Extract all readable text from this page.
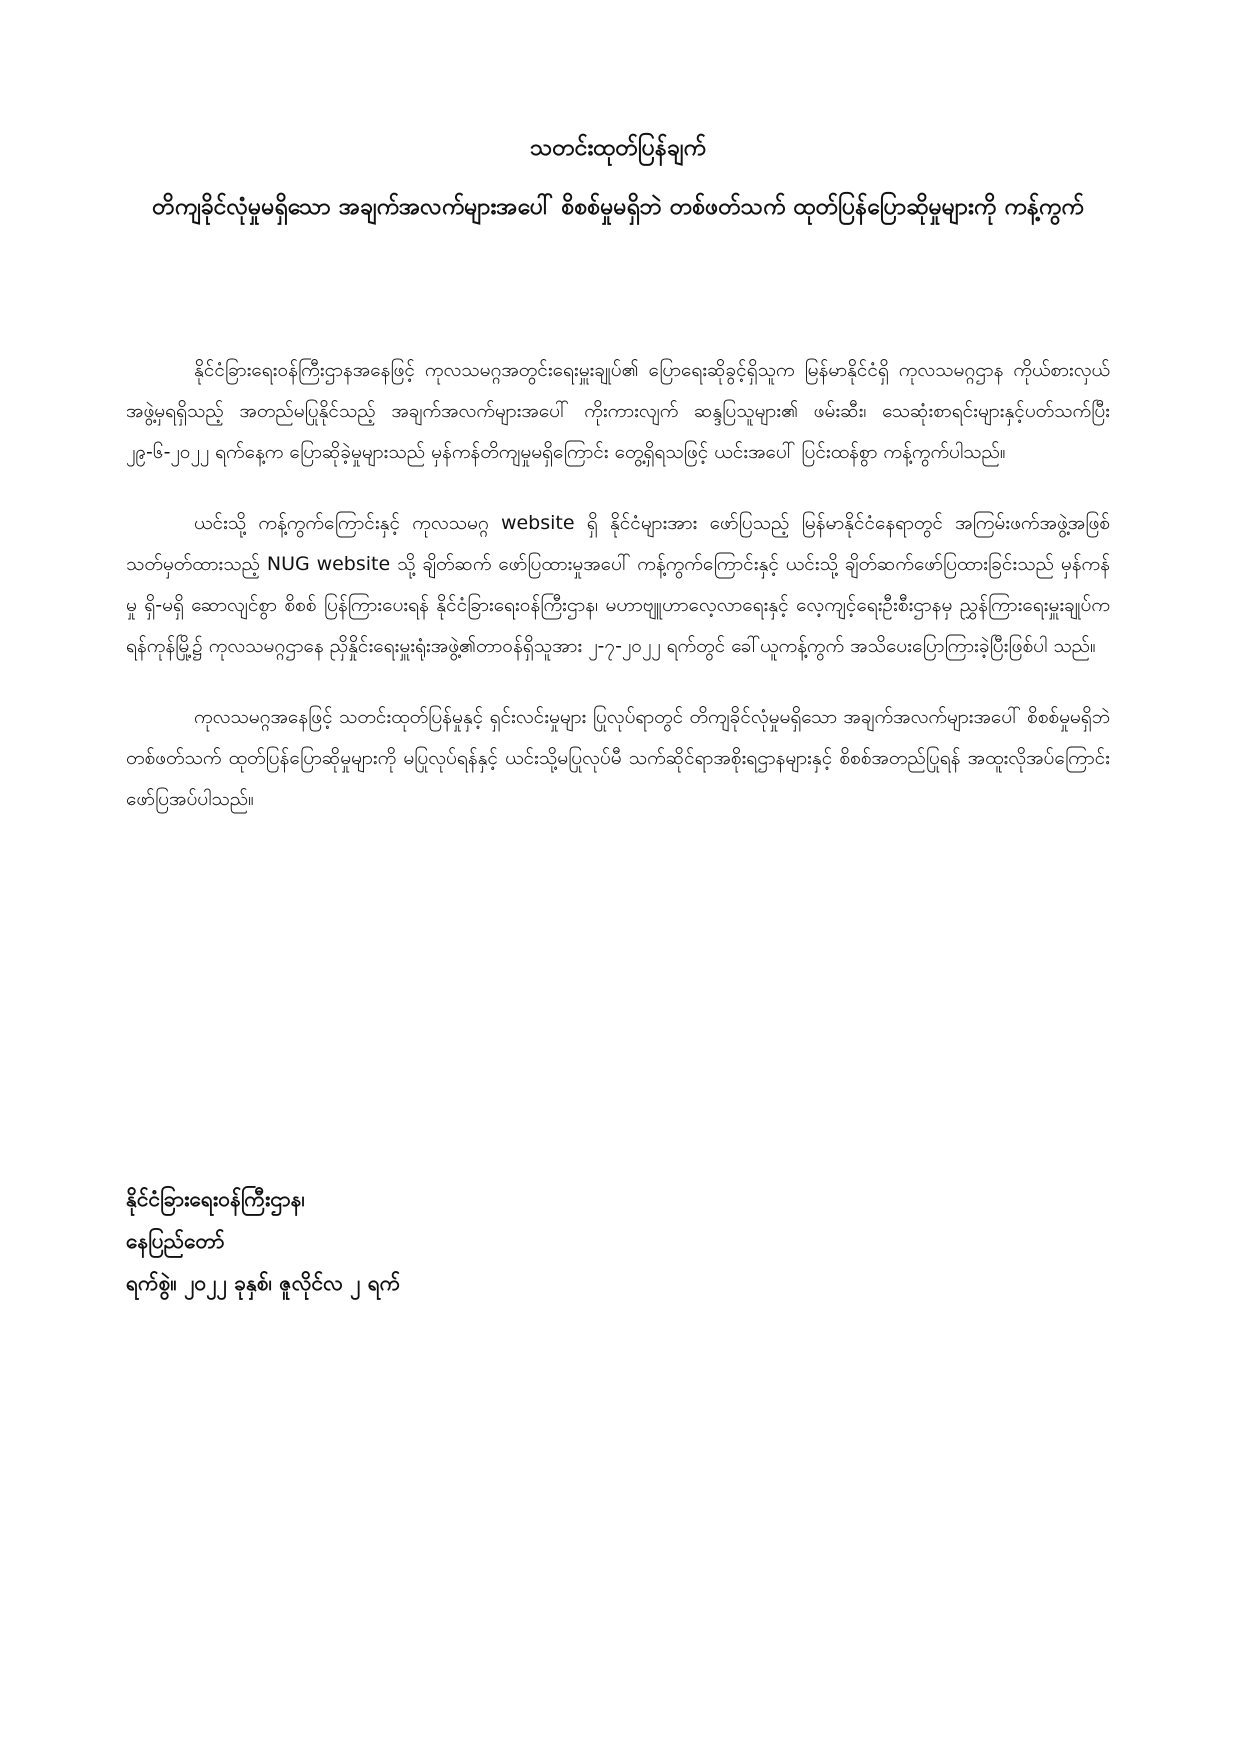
သတင်းထုတ်ပြန်ချက်
တိကျခိုင်လုံမှုမရှိသော အချက်အလက်များအပေါ် စိစစ်မှုမရှိဘဲ တစ်ဖတ်သက် ထုတ်ပြန်ပြောဆိုမှုများကို ကန့်ကွက်

နိုင်ငံခြားရေးဝန်ကြီးဌာနအနေဖြင့် ကုလသမဂ္ဂအတွင်းရေးမှူးချုပ်၏ ပြောရေးဆိုခွင့်ရှိသူက မြန်မာနိုင်ငံရှိ ကုလသမဂ္ဂဌာန ကိုယ်စားလှယ်အဖွဲ့မှရရှိသည့် အတည်မပြုနိုင်သည့် အချက်အလက်များအပေါ် ကိုးကားလျက် ဆန္ဒပြသူများ၏ ဖမ်းဆီး၊ သေဆုံးစာရင်းများနှင့်ပတ်သက်ပြီး ၂၉-၆-၂၀၂၂ ရက်နေ့က ပြောဆိုခဲ့မှုများသည် မှန်ကန်တိကျမှုမရှိကြောင်း တွေ့ရှိရသဖြင့် ယင်းအပေါ် ပြင်းထန်စွာ ကန့်ကွက်ပါသည်။

ယင်းသို့ ကန့်ကွက်ကြောင်းနှင့် ကုလသမဂ္ဂ website ရှိ နိုင်ငံများအား ဖော်ပြသည့် မြန်မာနိုင်ငံနေရာတွင် အကြမ်းဖက်အဖွဲ့အဖြစ် သတ်မှတ်ထားသည့် NUG website သို့ ချိတ်ဆက် ဖော်ပြထားမှုအပေါ် ကန့်ကွက်ကြောင်းနှင့် ယင်းသို့ ချိတ်ဆက်ဖော်ပြထားခြင်းသည် မှန်ကန်မှု ရှိ-မရှိ ဆောလျင်စွာ စိစစ် ပြန်ကြားပေးရန် နိုင်ငံခြားရေးဝန်ကြီးဌာန၊ မဟာဗျူဟာလေ့လာရေးနှင့် လေ့ကျင့်ရေးဦးစီးဌာနမှ ညွှန်ကြားရေးမှူးချုပ်က ရန်ကုန်မြို့၌ ကုလသမဂ္ဂဌာနေ ညှိနှိုင်းရေးမှူးရုံးအဖွဲ့၏တာဝန်ရှိသူအား ၂-၇-၂၀၂၂ ရက်တွင် ခေါ်ယူကန့်ကွက် အသိပေးပြောကြားခဲ့ပြီးဖြစ်ပါ သည်။

ကုလသမဂ္ဂအနေဖြင့် သတင်းထုတ်ပြန်မှုနှင့် ရှင်းလင်းမှုများ ပြုလုပ်ရာတွင် တိကျခိုင်လုံမှုမရှိသော အချက်အလက်များအပေါ် စိစစ်မှုမရှိဘဲ တစ်ဖတ်သက် ထုတ်ပြန်ပြောဆိုမှုများကို မပြုလုပ်ရန်နှင့် ယင်းသို့မပြုလုပ်မီ သက်ဆိုင်ရာအစိုးရဌာနများနှင့် စိစစ်အတည်ပြုရန် အထူးလိုအပ်ကြောင်းဖော်ပြအပ်ပါသည်။

နိုင်ငံခြားရေးဝန်ကြီးဌာန၊
နေပြည်တော်
ရက်စွဲ။ ၂၀၂၂ ခုနှစ်၊ ဇူလိုင်လ ၂ ရက်
